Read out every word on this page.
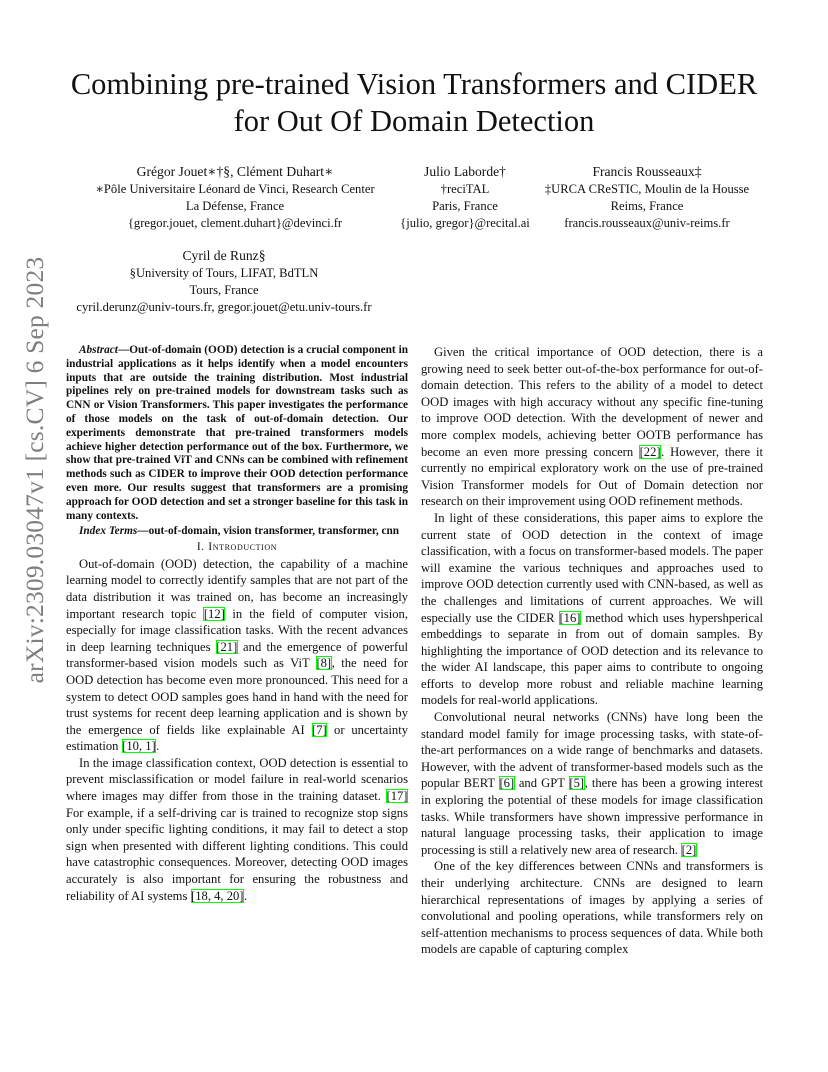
Combining pre-trained Vision Transformers and CIDER for Out Of Domain Detection
Grégor Jouet∗†§, Clément Duhart∗
∗Pôle Universitaire Léonard de Vinci, Research Center
La Défense, France
{gregor.jouet, clement.duhart}@devinci.fr
Julio Laborde†
†reciTAL
Paris, France
{julio, gregor}@recital.ai
Francis Rousseaux‡
‡URCA CReSTIC, Moulin de la Housse
Reims, France
francis.rousseaux@univ-reims.fr
Cyril de Runz§
§University of Tours, LIFAT, BdTLN
Tours, France
cyril.derunz@univ-tours.fr, gregor.jouet@etu.univ-tours.fr
arXiv:2309.03047v1 [cs.CV] 6 Sep 2023	Abstract—Out-of-domain (OOD) detection is a crucial component in industrial applications as it helps identify when a model encounters inputs that are outside the training distribution. Most industrial pipelines rely on pre-trained models for downstream tasks such as CNN or Vision Transformers. This paper investigates the performance of those models on the task of out-of-domain detection. Our experiments demonstrate that pre-trained transformers models achieve higher detection performance out of the box. Furthermore, we show that pre-trained ViT and CNNs can be combined with refinement methods such as CIDER to improve their OOD detection performance even more. Our results suggest that transformers are a promising approach for OOD detection and set a stronger baseline for this task in many contexts.

Index Terms—out-of-domain, vision transformer, transformer, cnn

I. Introduction

Out-of-domain (OOD) detection, the capability of a machine learning model to correctly identify samples that are not part of the data distribution it was trained on, has become an increasingly important research topic [12] in the field of computer vision, especially for image classification tasks. With the recent advances in deep learning techniques [21] and the emergence of powerful transformer-based vision models such as ViT [8], the need for OOD detection has become even more pronounced. This need for a system to detect OOD samples goes hand in hand with the need for trust systems for recent deep learning application and is shown by the emergence of fields like explainable AI [7] or uncertainty estimation [10, 1].

In the image classification context, OOD detection is essential to prevent misclassification or model failure in real-world scenarios where images may differ from those in the training dataset. [17] For example, if a self-driving car is trained to recognize stop signs only under specific lighting conditions, it may fail to detect a stop sign when presented with different lighting conditions. This could have catastrophic consequences. Moreover, detecting OOD images accurately is also important for ensuring the robustness and reliability of AI systems [18, 4, 20].

Given the critical importance of OOD detection, there is a growing need to seek better out-of-the-box performance for out-of-domain detection. This refers to the ability of a model to detect OOD images with high accuracy without any specific fine-tuning to improve OOD detection. With the development of newer and more complex models, achieving better OOTB performance has become an even more pressing concern [22]. However, there it currently no empirical exploratory work on the use of pre-trained Vision Transformer models for Out of Domain detection nor research on their improvement using OOD refinement methods.

In light of these considerations, this paper aims to explore the current state of OOD detection in the context of image classification, with a focus on transformer-based models. The paper will examine the various techniques and approaches used to improve OOD detection currently used with CNN-based, as well as the challenges and limitations of current approaches. We will especially use the CIDER [16] method which uses hypershperical embeddings to separate in from out of domain samples. By highlighting the importance of OOD detection and its relevance to the wider AI landscape, this paper aims to contribute to ongoing efforts to develop more robust and reliable machine learning models for real-world applications.

Convolutional neural networks (CNNs) have long been the standard model family for image processing tasks, with state-of-the-art performances on a wide range of benchmarks and datasets. However, with the advent of transformer-based models such as the popular BERT [6] and GPT [5], there has been a growing interest in exploring the potential of these models for image classification tasks. While transformers have shown impressive performance in natural language processing tasks, their application to image processing is still a relatively new area of research. [2]

One of the key differences between CNNs and transformers is their underlying architecture. CNNs are designed to learn hierarchical representations of images by applying a series of convolutional and pooling operations, while transformers rely on self-attention mechanisms to process sequences of data. While both models are capable of capturing complex
